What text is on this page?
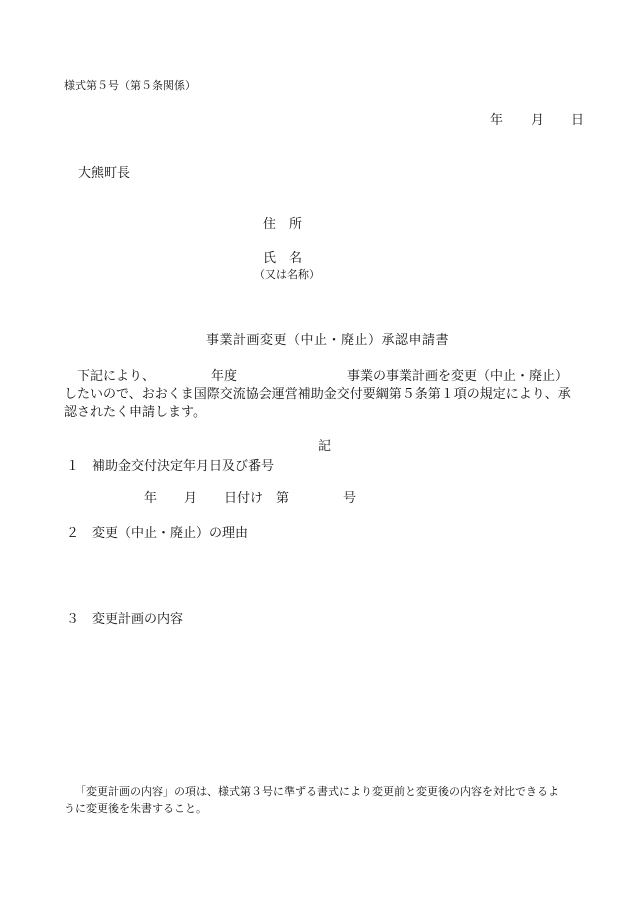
様式第５号（第５条関係）
年 月 日
大熊町長
住　所
氏　名
（又は名称）
事業計画変更（中止・廃止）承認申請書
下記により、	年度	事業の事業計画を変更（中止・廃止）
したいので、おおくま国際交流協会運営補助金交付要綱第５条第１項の規定により、承
認されたく申請します。
記
１ 補助金交付決定年月日及び番号
年 月 日付け 第	号
２ 変更（中止・廃止）の理由
３ 変更計画の内容
「変更計画の内容」の項は、様式第３号に準ずる書式により変更前と変更後の内容を対比できるよ
うに変更後を朱書すること。
